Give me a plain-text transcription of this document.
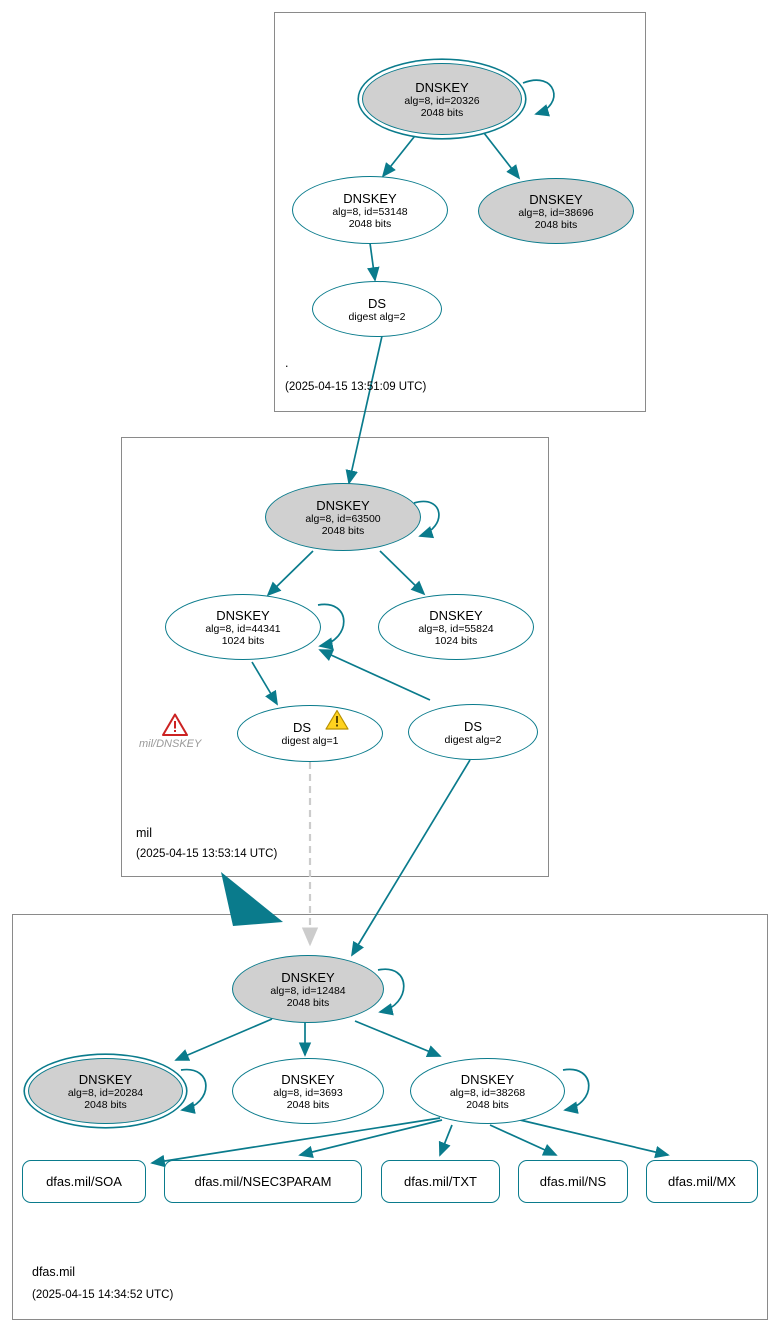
DNSKEY
alg=8, id=20326
2048 bits
DNSKEY
alg=8, id=53148
2048 bits
DNSKEY
alg=8, id=38696
2048 bits
DS
digest alg=2
.
(2025-04-15 13:51:09 UTC)
DNSKEY
alg=8, id=63500
2048 bits
DNSKEY
alg=8, id=44341
1024 bits
DNSKEY
alg=8, id=55824
1024 bits
DS
digest alg=1
DS
digest alg=2
mil/DNSKEY
mil
(2025-04-15 13:53:14 UTC)
DNSKEY
alg=8, id=12484
2048 bits
DNSKEY
alg=8, id=20284
2048 bits
DNSKEY
alg=8, id=3693
2048 bits
DNSKEY
alg=8, id=38268
2048 bits
dfas.mil/SOA	dfas.mil/NSEC3PARAM	dfas.mil/TXT	dfas.mil/NS	dfas.mil/MX
dfas.mil
(2025-04-15 14:34:52 UTC)
